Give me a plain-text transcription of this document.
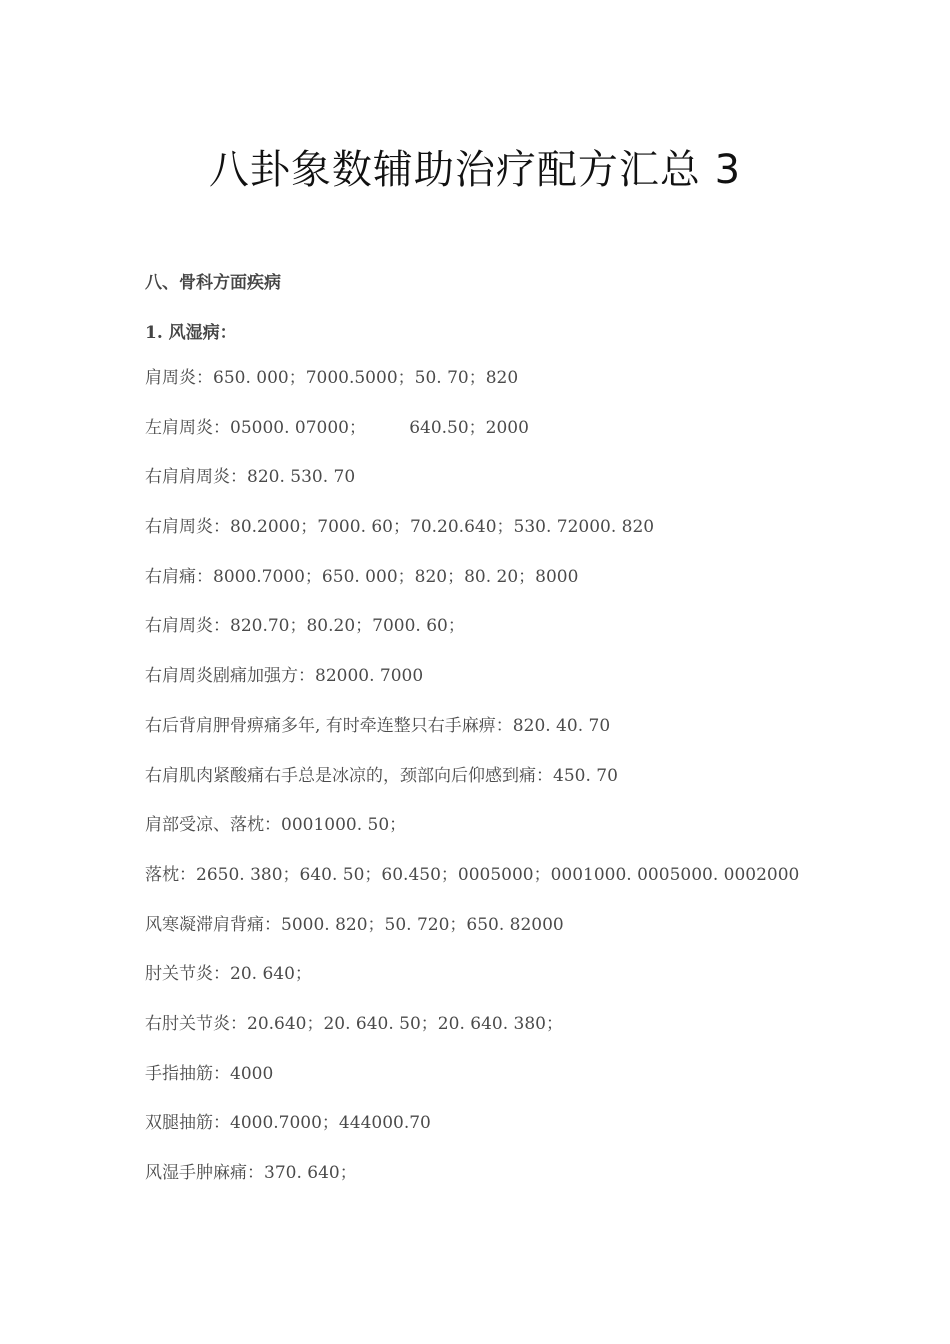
八卦象数辅助治疗配方汇总 3
八、骨科方面疾病
1. 风湿病：
肩周炎：650. 000；7000.5000；50. 70；820
左肩周炎：05000. 07000；        640.50；2000
右肩肩周炎：820. 530. 70
右肩周炎：80.2000；7000. 60；70.20.640；530. 72000. 820
右肩痛：8000.7000；650. 000；820；80. 20；8000
右肩周炎：820.70；80.20；7000. 60；
右肩周炎剧痛加强方：82000. 7000
右后背肩胛骨痹痛多年, 有时牵连整只右手麻痹：820. 40. 70
右肩肌肉紧酸痛右手总是冰凉的，颈部向后仰感到痛：450. 70
肩部受凉、落枕：0001000. 50；
落枕：2650. 380；640. 50；60.450；0005000；0001000. 0005000. 0002000
风寒凝滞肩背痛：5000. 820；50. 720；650. 82000
肘关节炎：20. 640；
右肘关节炎：20.640；20. 640. 50；20. 640. 380；
手指抽筋：4000
双腿抽筋：4000.7000；444000.70
风湿手肿麻痛：370. 640；
